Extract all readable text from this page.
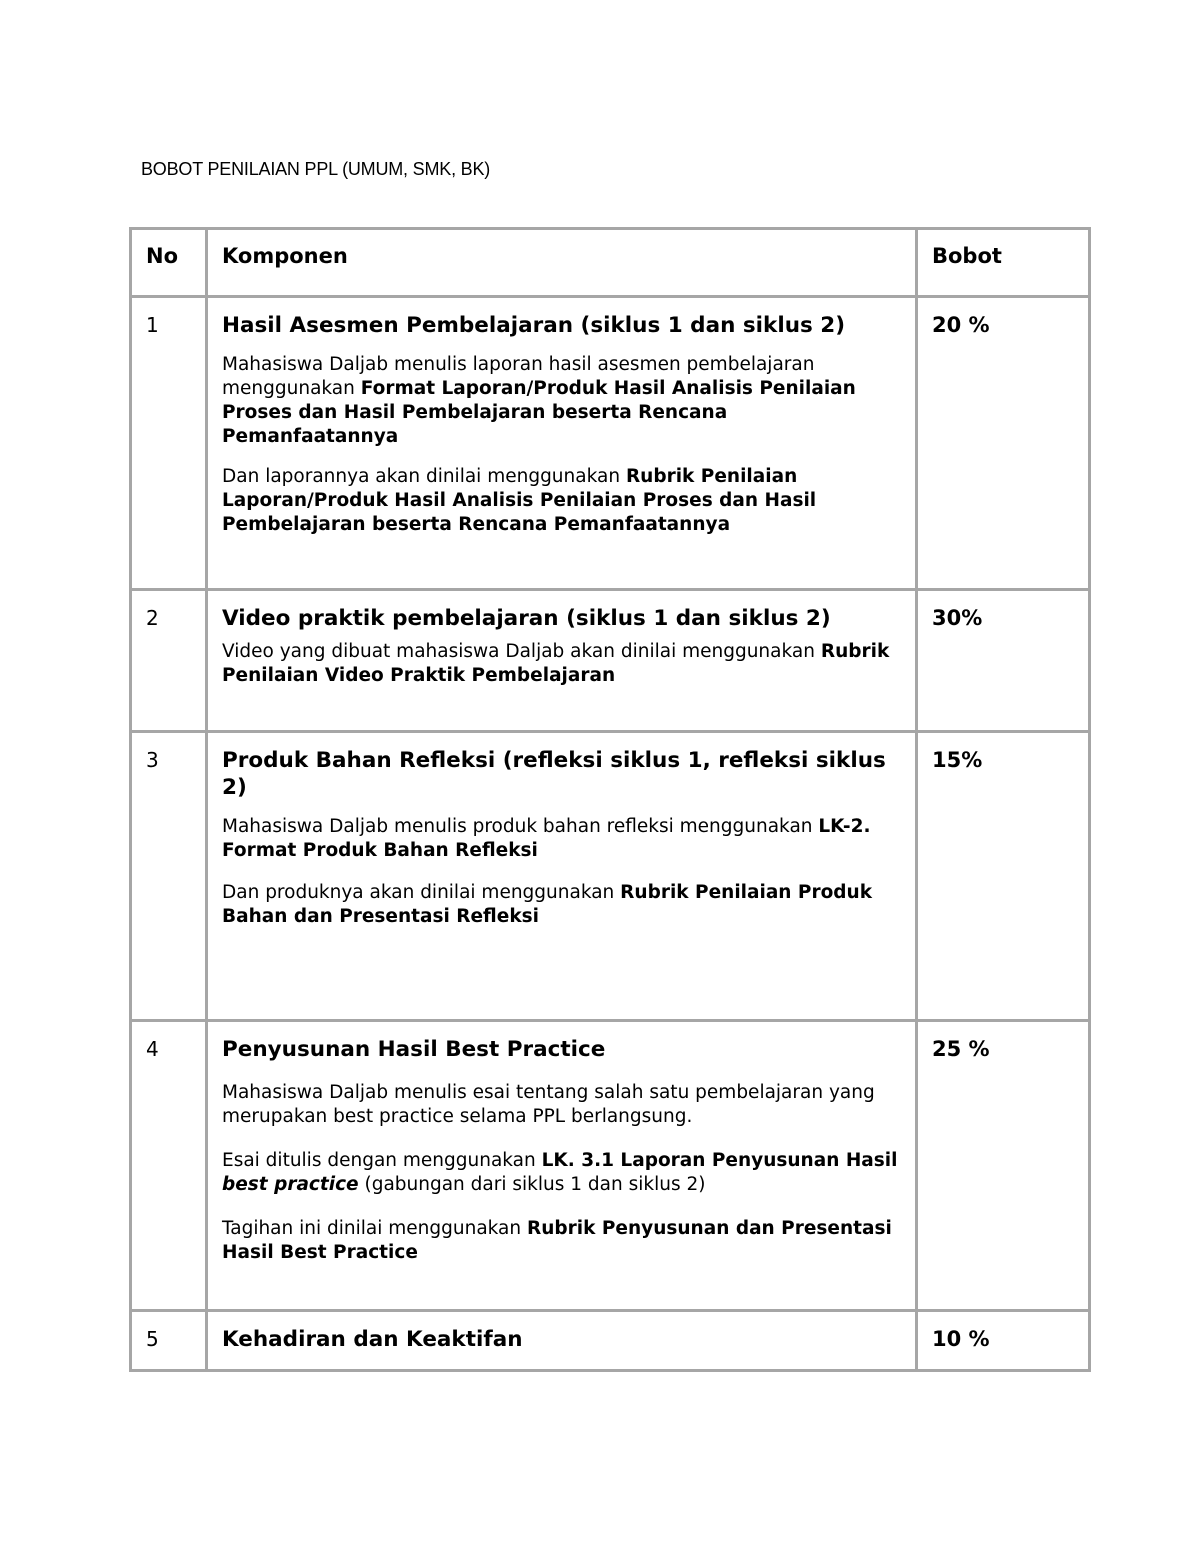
BOBOT PENILAIAN PPL (UMUM, SMK, BK)
No	Komponen	Bobot

1	Hasil Asesmen Pembelajaran (siklus 1 dan siklus 2)
Mahasiswa Daljab menulis laporan hasil asesmen pembelajaran menggunakan Format Laporan/Produk Hasil Analisis Penilaian Proses dan Hasil Pembelajaran beserta Rencana Pemanfaatannya
Dan laporannya akan dinilai menggunakan Rubrik Penilaian Laporan/Produk Hasil Analisis Penilaian Proses dan Hasil Pembelajaran beserta Rencana Pemanfaatannya	20 %

2	Video praktik pembelajaran (siklus 1 dan siklus 2)
Video yang dibuat mahasiswa Daljab akan dinilai menggunakan Rubrik Penilaian Video Praktik Pembelajaran	30%

3	Produk Bahan Refleksi (refleksi siklus 1, refleksi siklus 2)
Mahasiswa Daljab menulis produk bahan refleksi menggunakan LK-2. Format Produk Bahan Refleksi
Dan produknya akan dinilai menggunakan Rubrik Penilaian Produk Bahan dan Presentasi Refleksi	15%

4	Penyusunan Hasil Best Practice
Mahasiswa Daljab menulis esai tentang salah satu pembelajaran yang merupakan best practice selama PPL berlangsung.
Esai ditulis dengan menggunakan LK. 3.1 Laporan Penyusunan Hasil best practice (gabungan dari siklus 1 dan siklus 2)
Tagihan ini dinilai menggunakan Rubrik Penyusunan dan Presentasi Hasil Best Practice	25 %

5	Kehadiran dan Keaktifan	10 %
